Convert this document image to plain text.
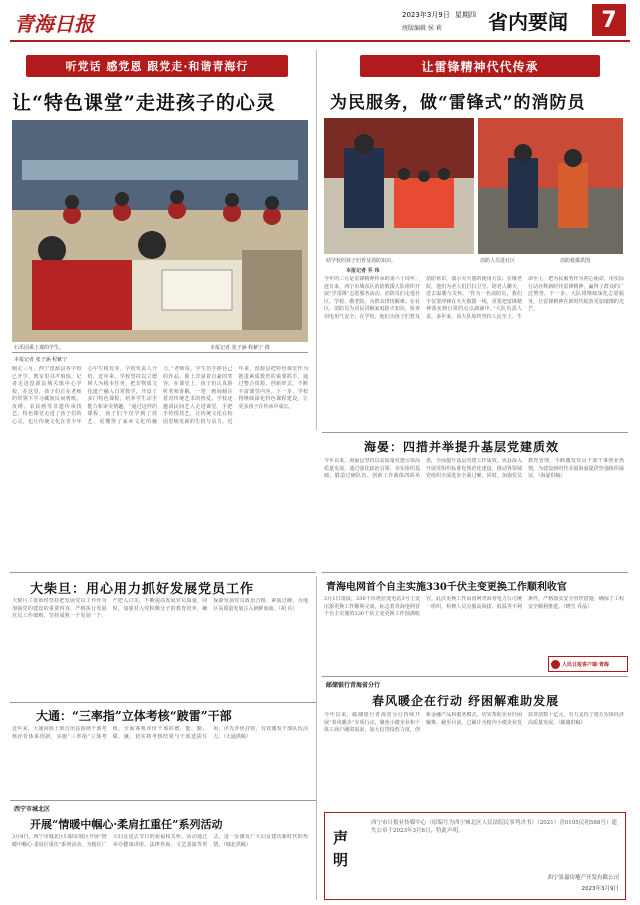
青海日报	2023年3月9日 星期四
统版编辑 侯 莉 省内要闻	7
听党话 感党恩 跟党走·和谐青海行
让“特色课堂”走进孩子的心灵
石乐园乘上课的学生。	本报记者 张子涵 程紫宁 摄
本报记者 张子涵 程紫宁
刚走三月，西宁湟源县各学校已开学，教室里书声琅琅。记者走进湟源县城关镇中心学校，在这里，孩子们正在老师的带领下学习藏族民间剪纸、皮绣、农民画等非遗传承技艺。特色课堂走进了孩子们的心灵，也让传统文化在青少年心中生根发芽。学校负责人介绍，近年来，学校坚持以立德树人为根本任务，把非物质文化遗产融入日常教学，开设了多门特色课程，培养学生动手能力和审美情趣。“通过这样的课程，孩子们不仅学到了技艺，更懂得了家乡文化的魅力。”老师说。学生们手捧自己的作品，脸上洋溢着自豪的笑容。在课堂上，孩子们认真聆听老师讲解，一笔一画间倾注着对传统艺术的热爱。学校还邀请民间艺人走进课堂，手把手传授技艺，让传统文化在校园里焕发新的生机与活力。近年来，湟源县把特色课堂作为推进素质教育的重要抓手，通过整合资源、创新形式，不断丰富课堂内容。下一步，学校将继续深化特色课程建设，让更多孩子在传承中成长。
让雷锋精神代代传承
为民服务，做“雷锋式”的消防员
助学校的孩子们普及消防知识。
本报记者 乔 玮
消防人员进社区	消防救援供图
今年的三月是雷锋精神传承的第六十周年。连日来，西宁市城东区消防救援大队组织开展“学雷锋”志愿服务活动，消防员们走进社区、学校、敬老院，为群众排忧解难。在社区，消防员为居民讲解家庭防火知识，检查用电用气安全；在学校，他们为孩子们普及消防常识，演示灭火器的使用方法；在敬老院，他们为老人们打扫卫生、陪老人聊天，送去温暖与关怀。“作为一名消防员，我们不仅要冲锋在灭火救援一线，更要把雷锋精神落实到日常的点点滴滴中。”大队负责人说。多年来，该大队始终坚持人民至上、生命至上，把为民服务作为初心使命，用实际行动诠释新时代雷锋精神，赢得了群众的广泛赞誉。下一步，大队将继续深化志愿服务，让雷锋精神在新时代绽放更加璀璨的光芒。
海晏：四措并举提升基层党建质效
今年以来，海晏县坚持以高质量党建引领高质量发展，通过强化政治引领、夯实组织基础、锻造过硬队伍、创新工作载体四项举措，全面提升基层党建工作质效。该县深入开展党组织标准化规范化建设，推动各领域党组织全面进步全面过硬。同时，加强党员教育管理，不断激发党员干部干事创业热情，为建设新时代幸福海晏提供坚强组织保证。（海晏供稿）
青海电网首个自主实施330千伏主变更换工作顺利收官
3月1日凌晨，330千伏塔拉变电站3号主变压器更换工作顺利完成，标志着青海电网首个自主实施的330千伏主变更换工作圆满收官。此次更换工作由国网青海省电力公司统一组织，检修人员克服高海拔、低温等不利条件，严格落实安全管控措施，确保了工程安全顺利推进。（晓雪 乔晶）
人民日报客户端·青海
大柴旦：用心用力抓好发展党员工作
大柴旦工委始终坚持把发展党员工作作为加强党的建设的重要内容，严格执行发展党员工作细则，坚持成熟一个发展一个，严把入口关，不断提高发展党员质量。同时，加强对入党积极分子的教育培养，确保新发展党员政治合格、素质过硬，为地区高质量发展注入新鲜血液。（胡 兵）
大通：“三率指”立体考核“跛雷”干部
近年来，大通回族土族自治县围绕干部考核评价体系创新，实施“三率指”立体考核，全面客观评价干部的德、能、勤、绩、廉，切实将考核结果与干部选拔任用、评先评优挂钩，有效激发干部队伍活力。（大通供稿）
西宁市城北区
开展“情暖中帼心·柔肩扛重任”系列活动
3月8日，西宁市城北区妇联在辖区开展“情暖中帼心·柔肩扛重任”系列活动，为辖区广大妇女送去节日的祝福和关怀。活动通过举办健康讲座、法律咨询、文艺表演等形式，进一步激发广大妇女建功新时代的热情。（城北供稿）
邮储银行青海省分行
春风暖企在行动 纾困解难助发展
今年以来，邮储银行青海省分行持续开展“春风暖企”专项行动，聚焦小微企业和个体工商户融资需求，加大信贷投放力度，创新金融产品和服务模式，切实帮助企业纾困解难。截至目前，已累计为辖内小微企业发放贷款数十亿元，有力支持了地方实体经济高质量发展。（邮储供稿）
声明
西宁市日报业传媒中心（原编号为西宁城北区人民法院民事判决书）（2021）青0105民初588号）遗失公章于2023年3月8日，特此声明。
西宁景嘉房地产开发有限公司
2023年3月9日
